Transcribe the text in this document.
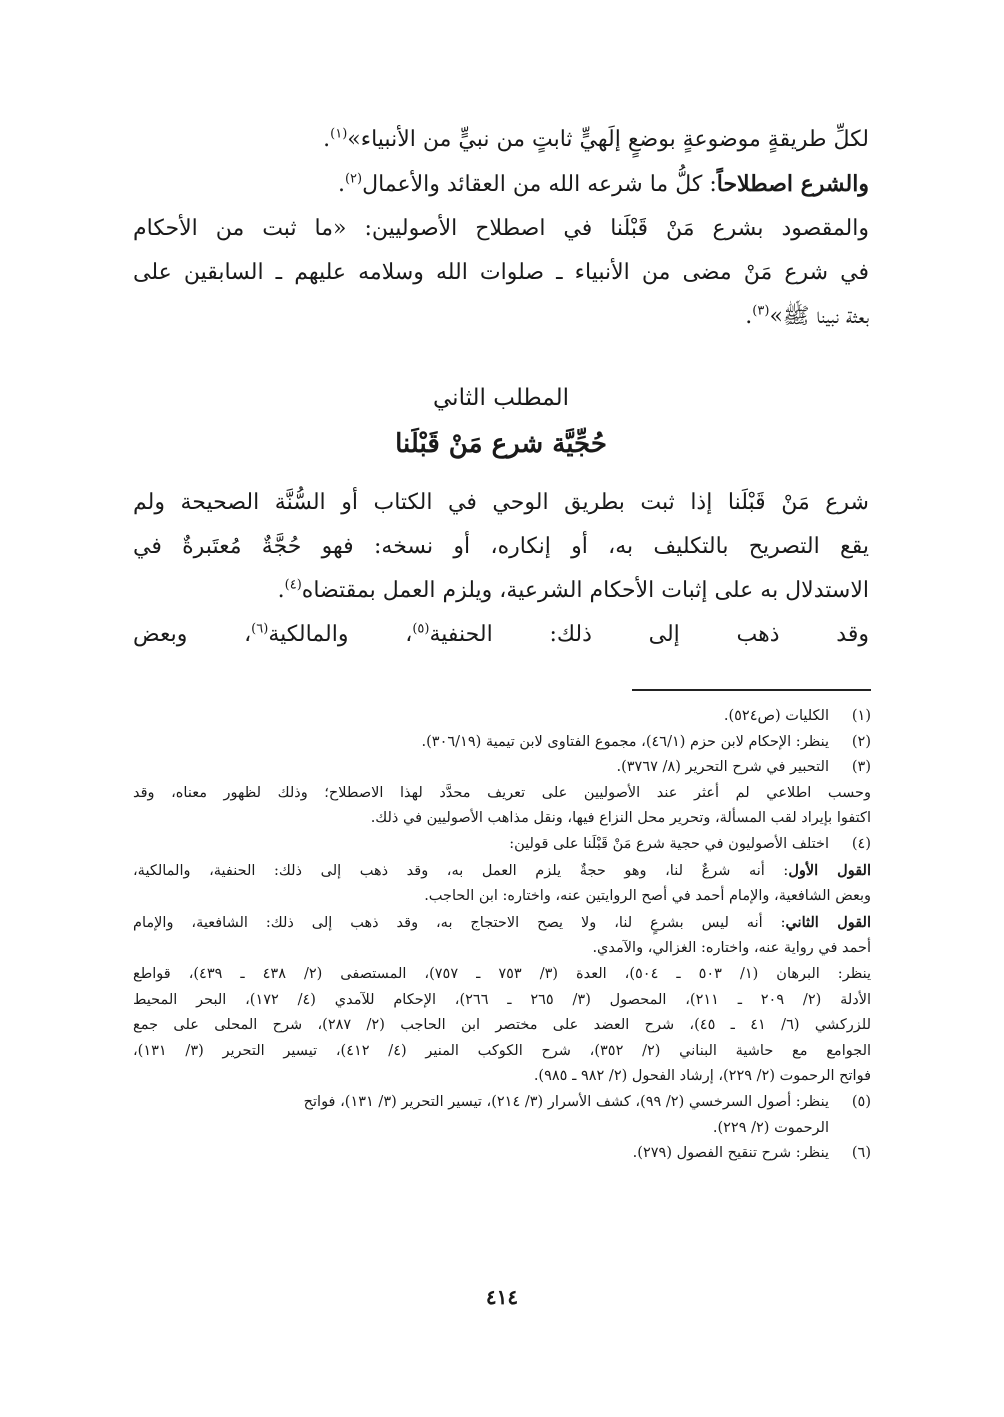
لكلِّ طريقةٍ موضوعةٍ بوضعٍ إلَهيٍّ ثابتٍ من نبيٍّ من الأنبياء»$^{(١)}$.
والشرع اصطلاحاً: كلُّ ما شرعه الله من العقائد والأعمال$^{(٢)}$.
والمقصود بشرع مَنْ قَبْلَنا في اصطلاح الأصوليين: «ما ثبت من الأحكام
في شرع مَنْ مضى من الأنبياء ـ صلوات الله وسلامه عليهم ـ السابقين على
بعثة نبينا ﷺ»$^{(٣)}$.
المطلب الثاني
حُجِّيَّة شرع مَنْ قَبْلَنا
شرع مَنْ قَبْلَنا إذا ثبت بطريق الوحي في الكتاب أو السُّنَّة الصحيحة ولم
يقع التصريح بالتكليف به، أو إنكاره، أو نسخه: فهو حُجَّةٌ مُعتَبرةٌ في
الاستدلال به على إثبات الأحكام الشرعية، ويلزم العمل بمقتضاه$^{(٤)}$.
وقد ذهب إلى ذلك: الحنفية$^{(٥)}$، والمالكية$^{(٦)}$، وبعض
(١)الكليات (ص٥٢٤).
(٢)ينظر: الإحكام لابن حزم (٤٦/١)، مجموع الفتاوى لابن تيمية (٣٠٦/١٩).
(٣)التحبير في شرح التحرير (٨/ ٣٧٦٧).
وحسب اطلاعي لم أعثر عند الأصوليين على تعريف محدَّد لهذا الاصطلاح؛ وذلك لظهور معناه، وقد
اكتفوا بإيراد لقب المسألة، وتحرير محل النزاع فيها، ونقل مذاهب الأصوليين في ذلك.
(٤)اختلف الأصوليون في حجية شرع مَنْ قَبْلَنا على قولين:
القول الأول: أنه شرعٌ لنا، وهو حجةٌ يلزم العمل به، وقد ذهب إلى ذلك: الحنفية، والمالكية،
وبعض الشافعية، والإمام أحمد في أصح الروايتين عنه، واختاره: ابن الحاجب.
القول الثاني: أنه ليس بشرعٍ لنا، ولا يصح الاحتجاج به، وقد ذهب إلى ذلك: الشافعية، والإمام
أحمد في رواية عنه، واختاره: الغزالي، والآمدي.
ينظر: البرهان (١/ ٥٠٣ ـ ٥٠٤)، العدة (٣/ ٧٥٣ ـ ٧٥٧)، المستصفى (٢/ ٤٣٨ ـ ٤٣٩)، قواطع
الأدلة (٢/ ٢٠٩ ـ ٢١١)، المحصول (٣/ ٢٦٥ ـ ٢٦٦)، الإحكام للآمدي (٤/ ١٧٢)، البحر المحيط
للزركشي (٦/ ٤١ ـ ٤٥)، شرح العضد على مختصر ابن الحاجب (٢/ ٢٨٧)، شرح المحلى على جمع
الجوامع مع حاشية البناني (٢/ ٣٥٢)، شرح الكوكب المنير (٤/ ٤١٢)، تيسير التحرير (٣/ ١٣١)،
فواتح الرحموت (٢/ ٢٢٩)، إرشاد الفحول (٢/ ٩٨٢ ـ ٩٨٥).
(٥)ينظر: أصول السرخسي (٢/ ٩٩)، كشف الأسرار (٣/ ٢١٤)، تيسير التحرير (٣/ ١٣١)، فواتح
الرحموت (٢/ ٢٢٩).
(٦)ينظر: شرح تنقيح الفصول (٢٧٩).
٤١٤
